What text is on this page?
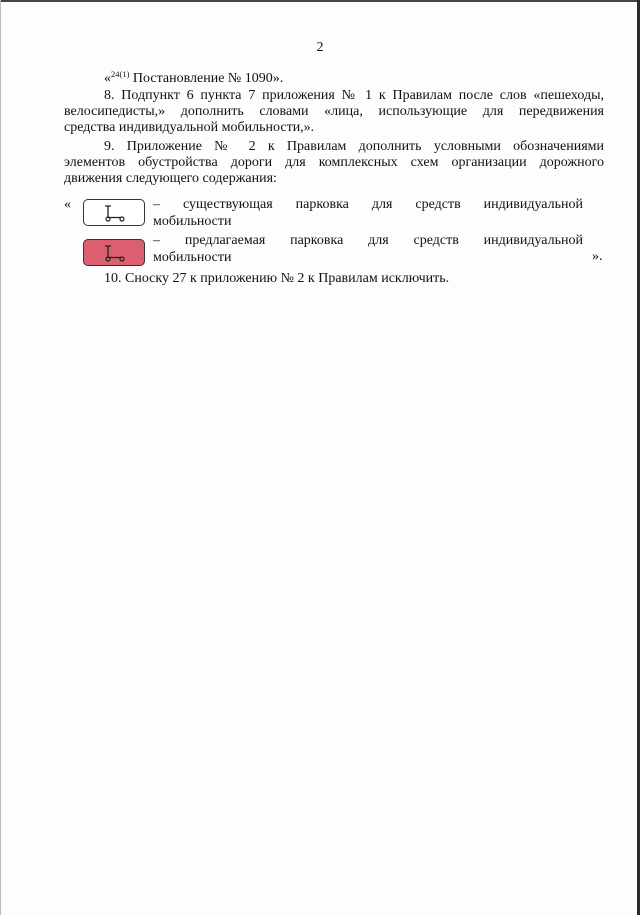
2
«$^{24(1)}$ Постановление № 1090».
8. Подпункт 6 пункта 7 приложения № 1 к Правилам после слов «пешеходы,
велосипедисты,» дополнить словами «лица, использующие для передвижения
средства индивидуальной мобильности,».
9. Приложение № 2 к Правилам дополнить условными обозначениями
элементов обустройства дороги для комплексных схем организации дорожного
движения следующего содержания:
«	– существующая парковка для средств индивидуальной
мобильности
– предлагаемая парковка для средств индивидуальной
мобильности	».
10. Сноску 27 к приложению № 2 к Правилам исключить.
